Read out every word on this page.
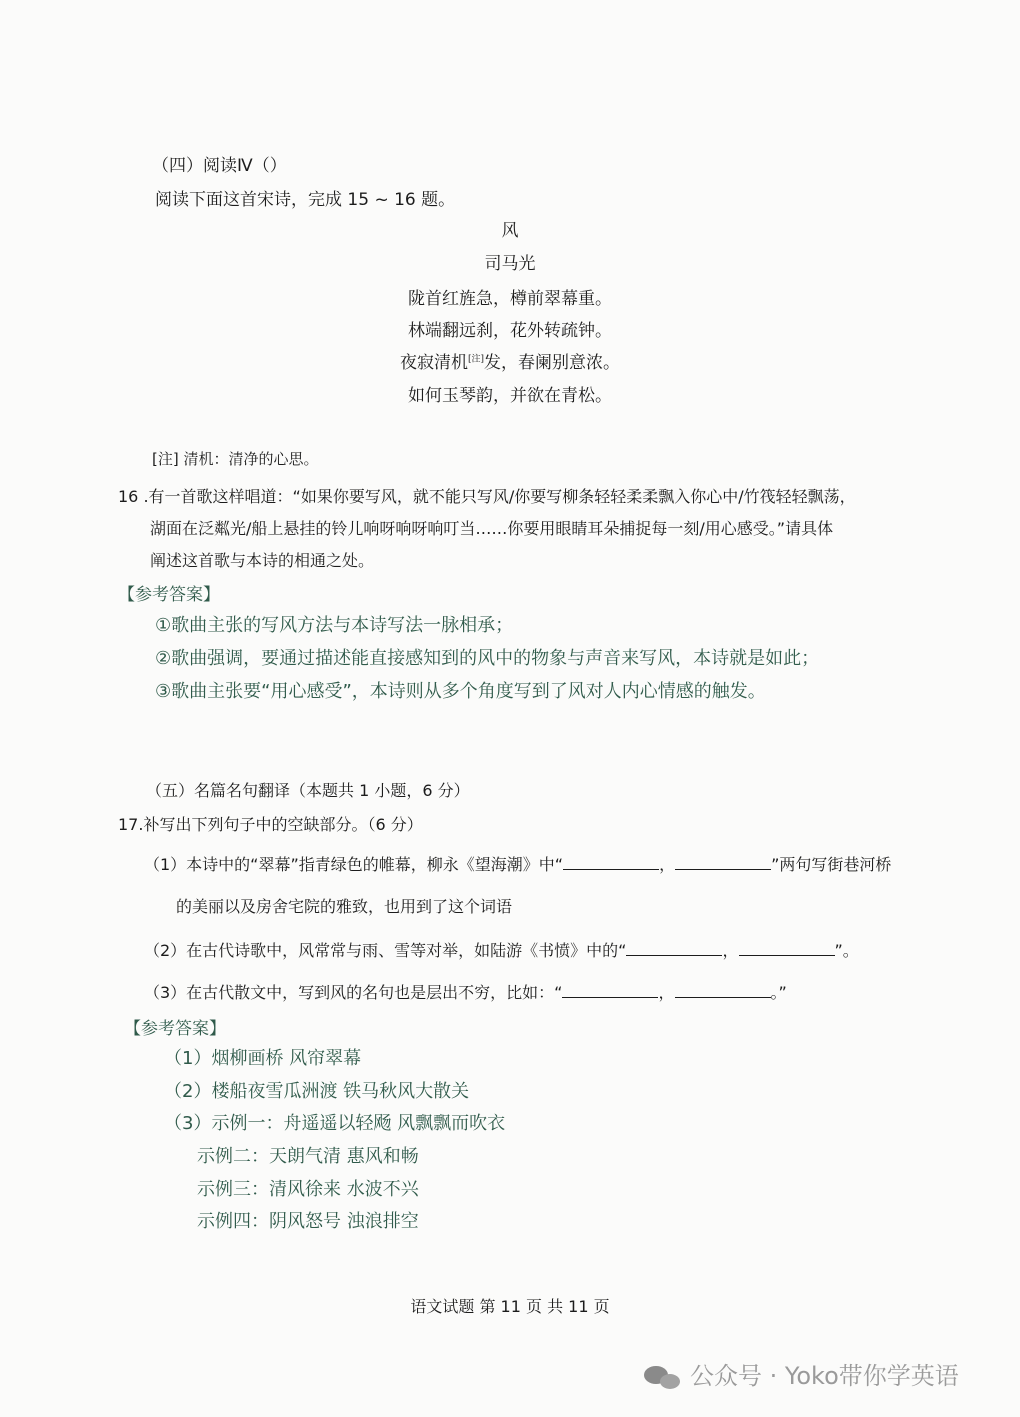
（四）阅读Ⅳ（）
阅读下面这首宋诗，完成 15 ~ 16 题。
风
司马光
陇首红旌急，樽前翠幕重。
林端翻远刹，花外转疏钟。
夜寂清机[注]发，春阑别意浓。
如何玉琴韵，并欲在青松。
[注] 清机：清净的心思。
16 .有一首歌这样唱道：“如果你要写风，就不能只写风/你要写柳条轻轻柔柔飘入你心中/竹筏轻轻飘荡，
湖面在泛粼光/船上悬挂的铃儿响呀响呀响叮当……你要用眼睛耳朵捕捉每一刻/用心感受。”请具体
阐述这首歌与本诗的相通之处。
【参考答案】
①歌曲主张的写风方法与本诗写法一脉相承；
②歌曲强调，要通过描述能直接感知到的风中的物象与声音来写风，本诗就是如此；
③歌曲主张要“用心感受”，本诗则从多个角度写到了风对人内心情感的触发。
（五）名篇名句翻译（本题共 1 小题，6 分）
17.补写出下列句子中的空缺部分。（6 分）
（1）本诗中的“翠幕”指青绿色的帷幕，柳永《望海潮》中“	，	”两句写街巷河桥
的美丽以及房舍宅院的雅致，也用到了这个词语
（2）在古代诗歌中，风常常与雨、雪等对举，如陆游《书愤》中的“	，	”。
（3）在古代散文中，写到风的名句也是层出不穷，比如：“	，	。”
【参考答案】
（1）烟柳画桥 风帘翠幕
（2）楼船夜雪瓜洲渡 铁马秋风大散关
（3）示例一：舟遥遥以轻飏 风飘飘而吹衣
示例二：天朗气清 惠风和畅
示例三：清风徐来 水波不兴
示例四：阴风怒号 浊浪排空
语文试题 第 11 页 共 11 页
公众号 · Yoko带你学英语
